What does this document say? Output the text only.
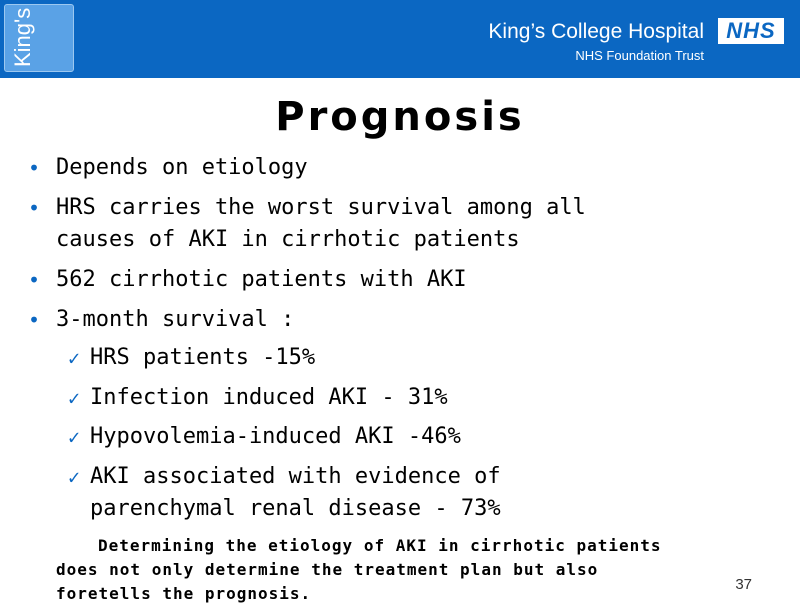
King's	King’s College Hospital
NHS Foundation Trust
NHS
Prognosis
• Depends on etiology
• HRS carries the worst survival among all
causes of AKI in cirrhotic patients
• 562 cirrhotic patients with AKI
• 3-month survival :
✓ HRS patients -15%
✓ Infection induced AKI - 31%
✓ Hypovolemia-induced AKI -46%
✓ AKI associated with evidence of
parenchymal renal disease - 73%
Determining the etiology of AKI in cirrhotic patients
does not only determine the treatment plan but also
foretells the prognosis.	37
